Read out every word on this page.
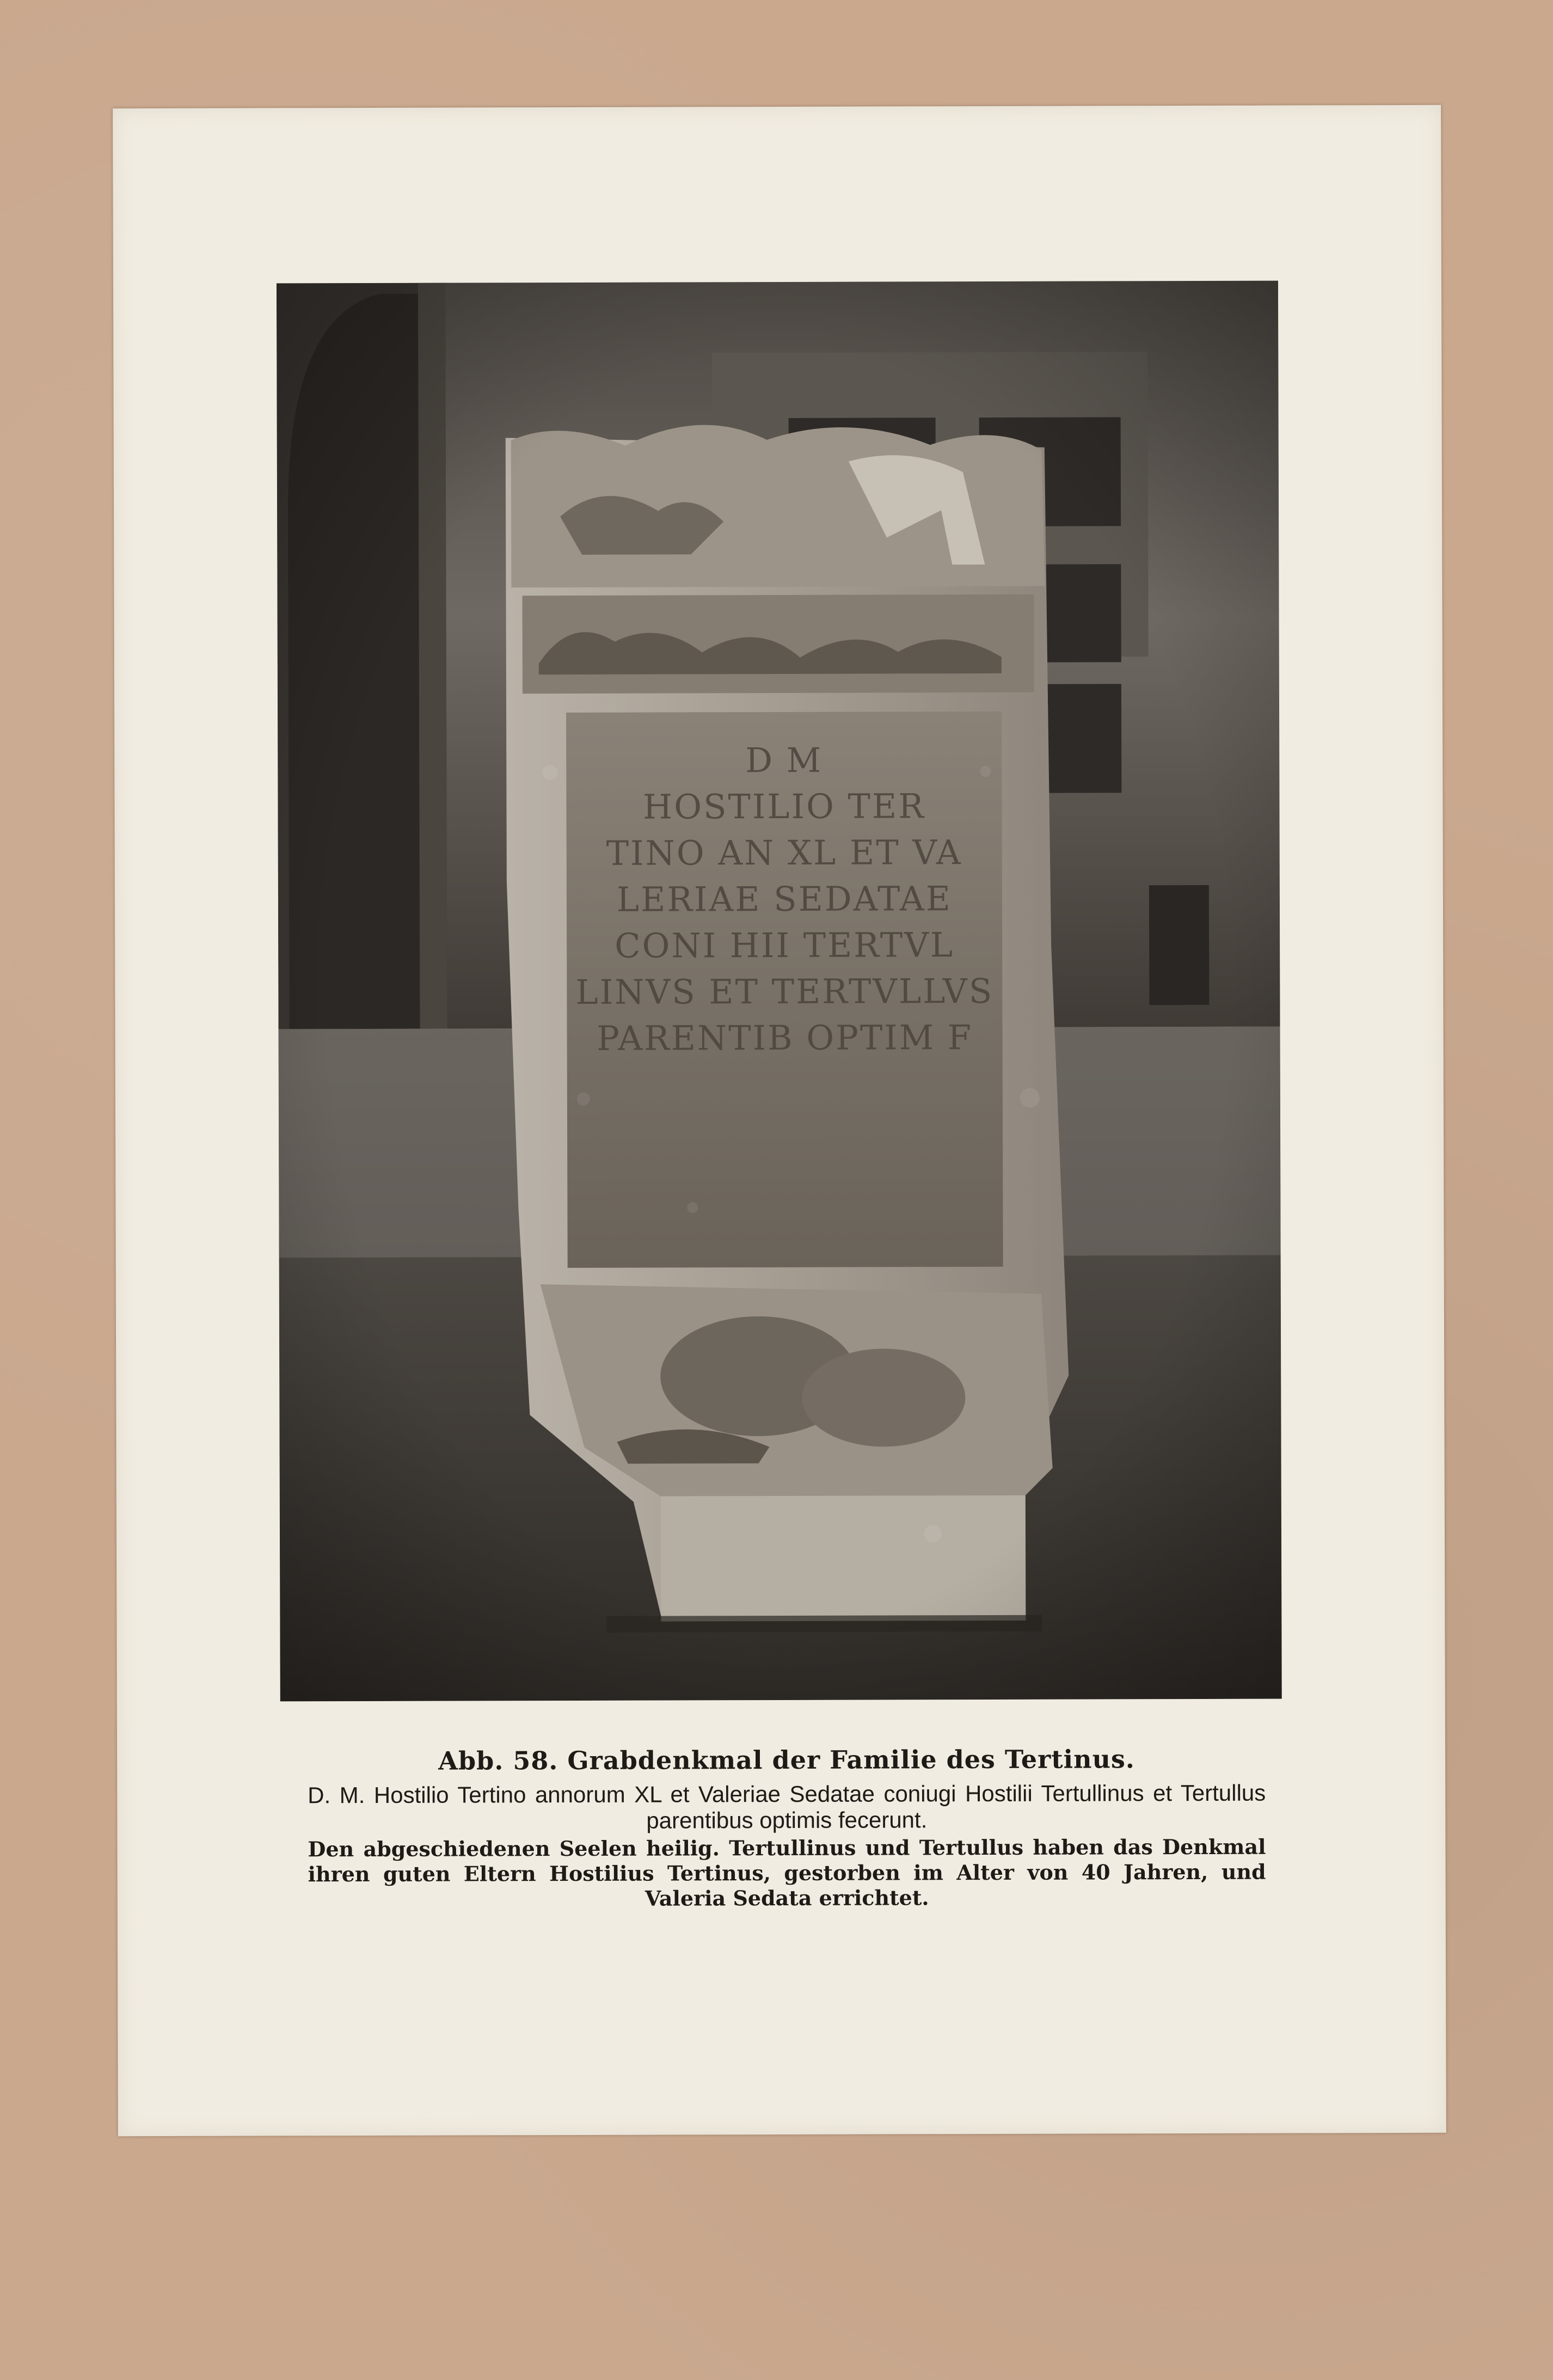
Abb. 58. Grabdenkmal der Familie des Tertinus.

D. M. Hostilio Tertino annorum XL et Valeriae Sedatae coniugi Hostilii Tertullinus et Tertullus parentibus optimis fecerunt.

Den abgeschiedenen Seelen heilig. Tertullinus und Tertullus haben das Denkmal ihren guten Eltern Hostilius Tertinus, gestorben im Alter von 40 Jahren, und Valeria Sedata errichtet.
